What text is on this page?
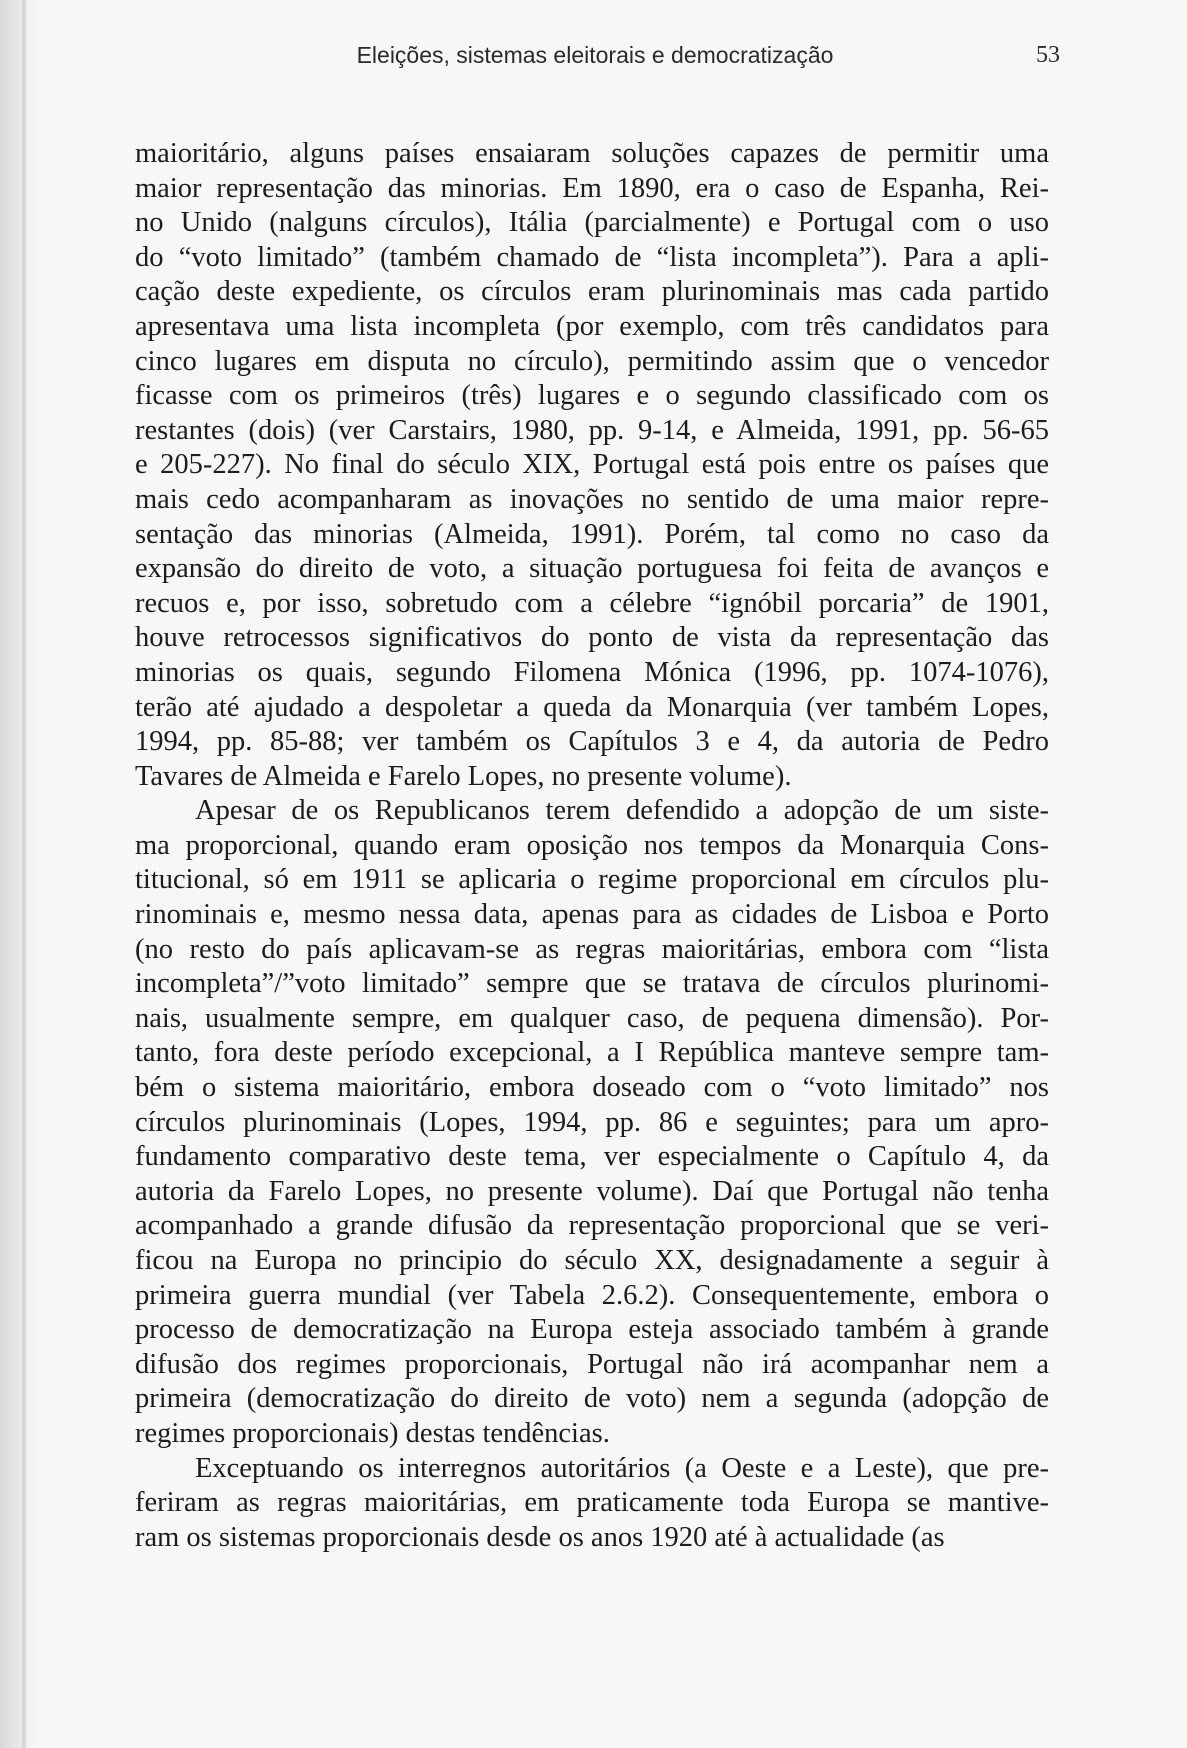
Eleições, sistemas eleitorais e democratização	53
maioritário, alguns países ensaiaram soluções capazes de permitir uma
maior representação das minorias. Em 1890, era o caso de Espanha, Rei-
no Unido (nalguns círculos), Itália (parcialmente) e Portugal com o uso
do “voto limitado” (também chamado de “lista incompleta”). Para a apli-
cação deste expediente, os círculos eram plurinominais mas cada partido
apresentava uma lista incompleta (por exemplo, com três candidatos para
cinco lugares em disputa no círculo), permitindo assim que o vencedor
ficasse com os primeiros (três) lugares e o segundo classificado com os
restantes (dois) (ver Carstairs, 1980, pp. 9-14, e Almeida, 1991, pp. 56-65
e 205-227). No final do século XIX, Portugal está pois entre os países que
mais cedo acompanharam as inovações no sentido de uma maior repre-
sentação das minorias (Almeida, 1991). Porém, tal como no caso da
expansão do direito de voto, a situação portuguesa foi feita de avanços e
recuos e, por isso, sobretudo com a célebre “ignóbil porcaria” de 1901,
houve retrocessos significativos do ponto de vista da representação das
minorias os quais, segundo Filomena Mónica (1996, pp. 1074-1076),
terão até ajudado a despoletar a queda da Monarquia (ver também Lopes,
1994, pp. 85-88; ver também os Capítulos 3 e 4, da autoria de Pedro
Tavares de Almeida e Farelo Lopes, no presente volume).
Apesar de os Republicanos terem defendido a adopção de um siste-
ma proporcional, quando eram oposição nos tempos da Monarquia Cons-
titucional, só em 1911 se aplicaria o regime proporcional em círculos plu-
rinominais e, mesmo nessa data, apenas para as cidades de Lisboa e Porto
(no resto do país aplicavam-se as regras maioritárias, embora com “lista
incompleta”/”voto limitado” sempre que se tratava de círculos plurinomi-
nais, usualmente sempre, em qualquer caso, de pequena dimensão). Por-
tanto, fora deste período excepcional, a I República manteve sempre tam-
bém o sistema maioritário, embora doseado com o “voto limitado” nos
círculos plurinominais (Lopes, 1994, pp. 86 e seguintes; para um apro-
fundamento comparativo deste tema, ver especialmente o Capítulo 4, da
autoria da Farelo Lopes, no presente volume). Daí que Portugal não tenha
acompanhado a grande difusão da representação proporcional que se veri-
ficou na Europa no principio do século XX, designadamente a seguir à
primeira guerra mundial (ver Tabela 2.6.2). Consequentemente, embora o
processo de democratização na Europa esteja associado também à grande
difusão dos regimes proporcionais, Portugal não irá acompanhar nem a
primeira (democratização do direito de voto) nem a segunda (adopção de
regimes proporcionais) destas tendências.
Exceptuando os interregnos autoritários (a Oeste e a Leste), que pre-
feriram as regras maioritárias, em praticamente toda Europa se mantive-
ram os sistemas proporcionais desde os anos 1920 até à actualidade (as
